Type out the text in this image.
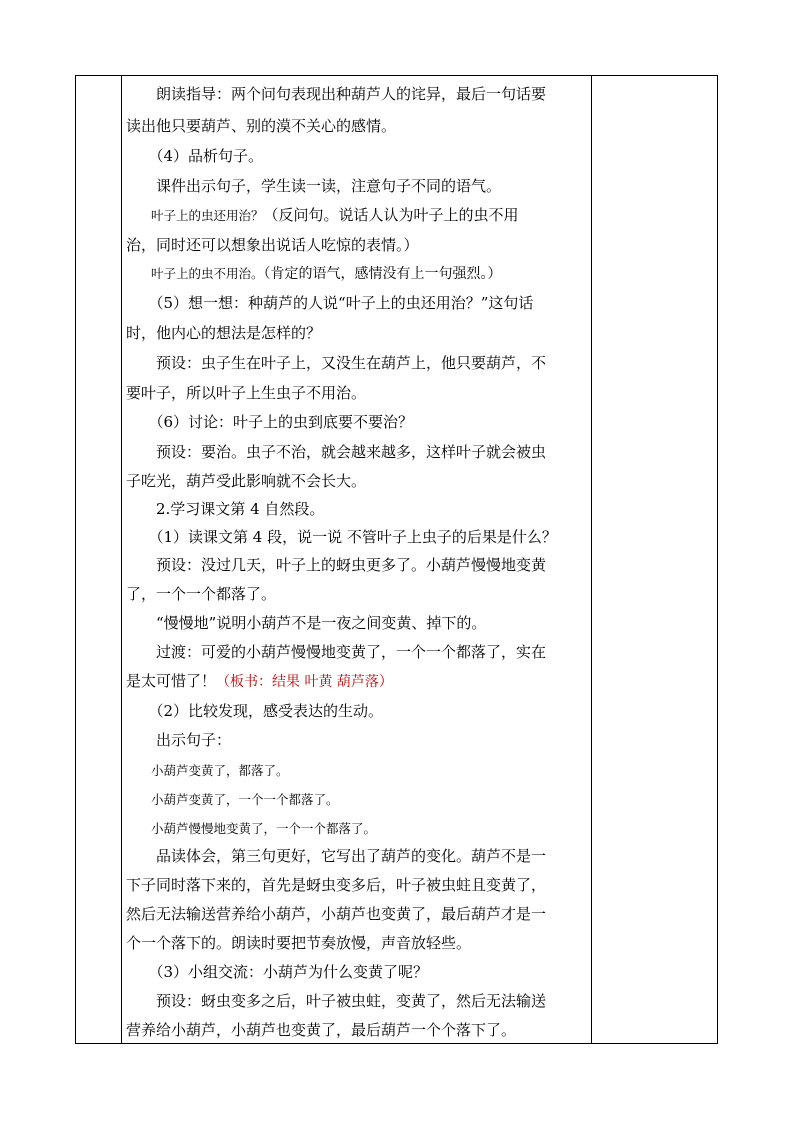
　　朗读指导：两个问句表现出种葫芦人的诧异，最后一句话要
读出他只要葫芦、别的漠不关心的感情。
　　（4）品析句子。
　　课件出示句子，学生读一读，注意句子不同的语气。
　　叶子上的虫还用治？（反问句。说话人认为叶子上的虫不用
治，同时还可以想象出说话人吃惊的表情。）
　　叶子上的虫不用治。（肯定的语气，感情没有上一句强烈。）
　　（5）想一想：种葫芦的人说“叶子上的虫还用治？”这句话
时，他内心的想法是怎样的？
　　预设：虫子生在叶子上，又没生在葫芦上，他只要葫芦，不
要叶子，所以叶子上生虫子不用治。
　　（6）讨论：叶子上的虫到底要不要治？
　　预设：要治。虫子不治，就会越来越多，这样叶子就会被虫
子吃光，葫芦受此影响就不会长大。
　　2.学习课文第 4 自然段。
　　（1）读课文第 4 段，说一说 不管叶子上虫子的后果是什么？
　　预设：没过几天，叶子上的蚜虫更多了。小葫芦慢慢地变黄
了，一个一个都落了。
　　“慢慢地”说明小葫芦不是一夜之间变黄、掉下的。
　　过渡：可爱的小葫芦慢慢地变黄了，一个一个都落了，实在
是太可惜了！（板书：结果 叶黄 葫芦落）
　　（2）比较发现，感受表达的生动。
　　出示句子：
　　小葫芦变黄了，都落了。
　　小葫芦变黄了，一个一个都落了。
　　小葫芦慢慢地变黄了，一个一个都落了。
　　品读体会，第三句更好，它写出了葫芦的变化。葫芦不是一
下子同时落下来的，首先是蚜虫变多后，叶子被虫蛀且变黄了，
然后无法输送营养给小葫芦，小葫芦也变黄了，最后葫芦才是一
个一个落下的。朗读时要把节奏放慢，声音放轻些。
　　（3）小组交流：小葫芦为什么变黄了呢？
　　预设：蚜虫变多之后，叶子被虫蛀，变黄了，然后无法输送
营养给小葫芦，小葫芦也变黄了，最后葫芦一个个落下了。
